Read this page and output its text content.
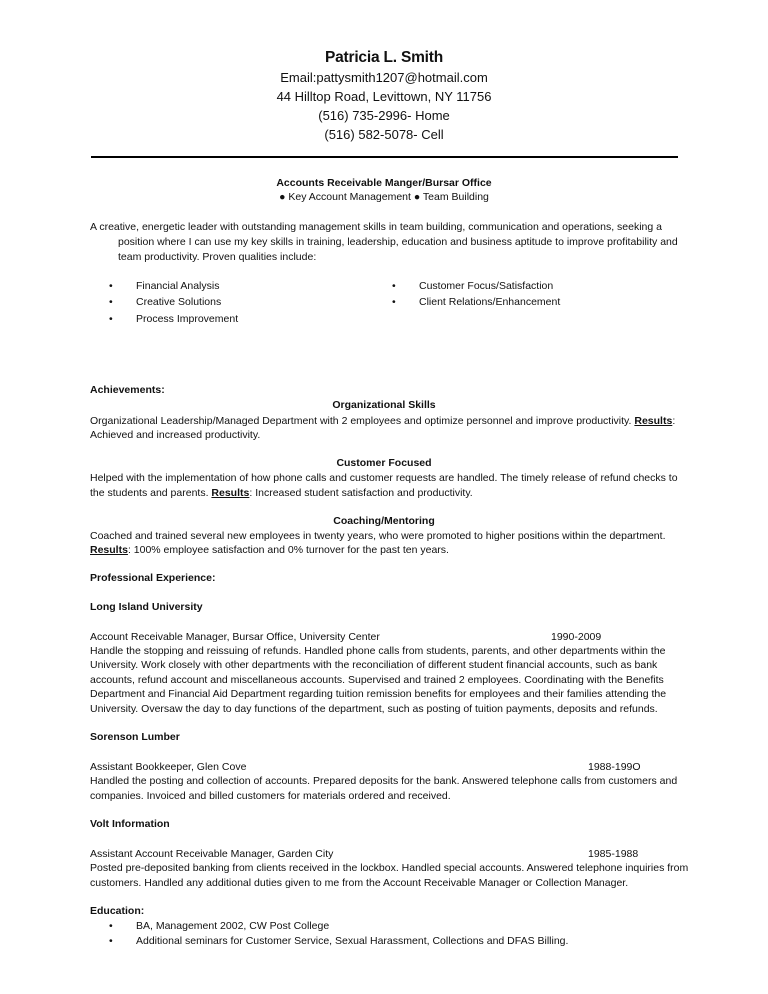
Patricia L. Smith
Email:pattysmith1207@hotmail.com
44 Hilltop Road, Levittown, NY 11756
(516) 735-2996- Home
(516) 582-5078- Cell
Accounts Receivable Manger/Bursar Office
● Key Account Management ● Team Building
A creative, energetic leader with outstanding management skills in team building, communication and operations, seeking a
position where I can use my key skills in training, leadership, education and business aptitude to improve profitability and
team productivity. Proven qualities include:
• Financial Analysis
• Creative Solutions
• Process Improvement
• Customer Focus/Satisfaction
• Client Relations/Enhancement
Achievements:
Organizational Skills
Organizational Leadership/Managed Department with 2 employees and optimize personnel and improve productivity. Results:
Achieved and increased productivity.
Customer Focused
Helped with the implementation of how phone calls and customer requests are handled. The timely release of refund checks to
the students and parents. Results: Increased student satisfaction and productivity.
Coaching/Mentoring
Coached and trained several new employees in twenty years, who were promoted to higher positions within the department.
Results: 100% employee satisfaction and 0% turnover for the past ten years.
Professional Experience:
Long Island University
Account Receivable Manager, Bursar Office, University Center	1990-2009
Handle the stopping and reissuing of refunds. Handled phone calls from students, parents, and other departments within the
University. Work closely with other departments with the reconciliation of different student financial accounts, such as bank
accounts, refund account and miscellaneous accounts. Supervised and trained 2 employees. Coordinating with the Benefits
Department and Financial Aid Department regarding tuition remission benefits for employees and their families attending the
University. Oversaw the day to day functions of the department, such as posting of tuition payments, deposits and refunds.
Sorenson Lumber
Assistant Bookkeeper, Glen Cove	1988-199O
Handled the posting and collection of accounts. Prepared deposits for the bank. Answered telephone calls from customers and
companies. Invoiced and billed customers for materials ordered and received.
Volt Information
Assistant Account Receivable Manager, Garden City	1985-1988
Posted pre-deposited banking from clients received in the lockbox. Handled special accounts. Answered telephone inquiries from
customers. Handled any additional duties given to me from the Account Receivable Manager or Collection Manager.
Education:
• BA, Management 2002, CW Post College
• Additional seminars for Customer Service, Sexual Harassment, Collections and DFAS Billing.
